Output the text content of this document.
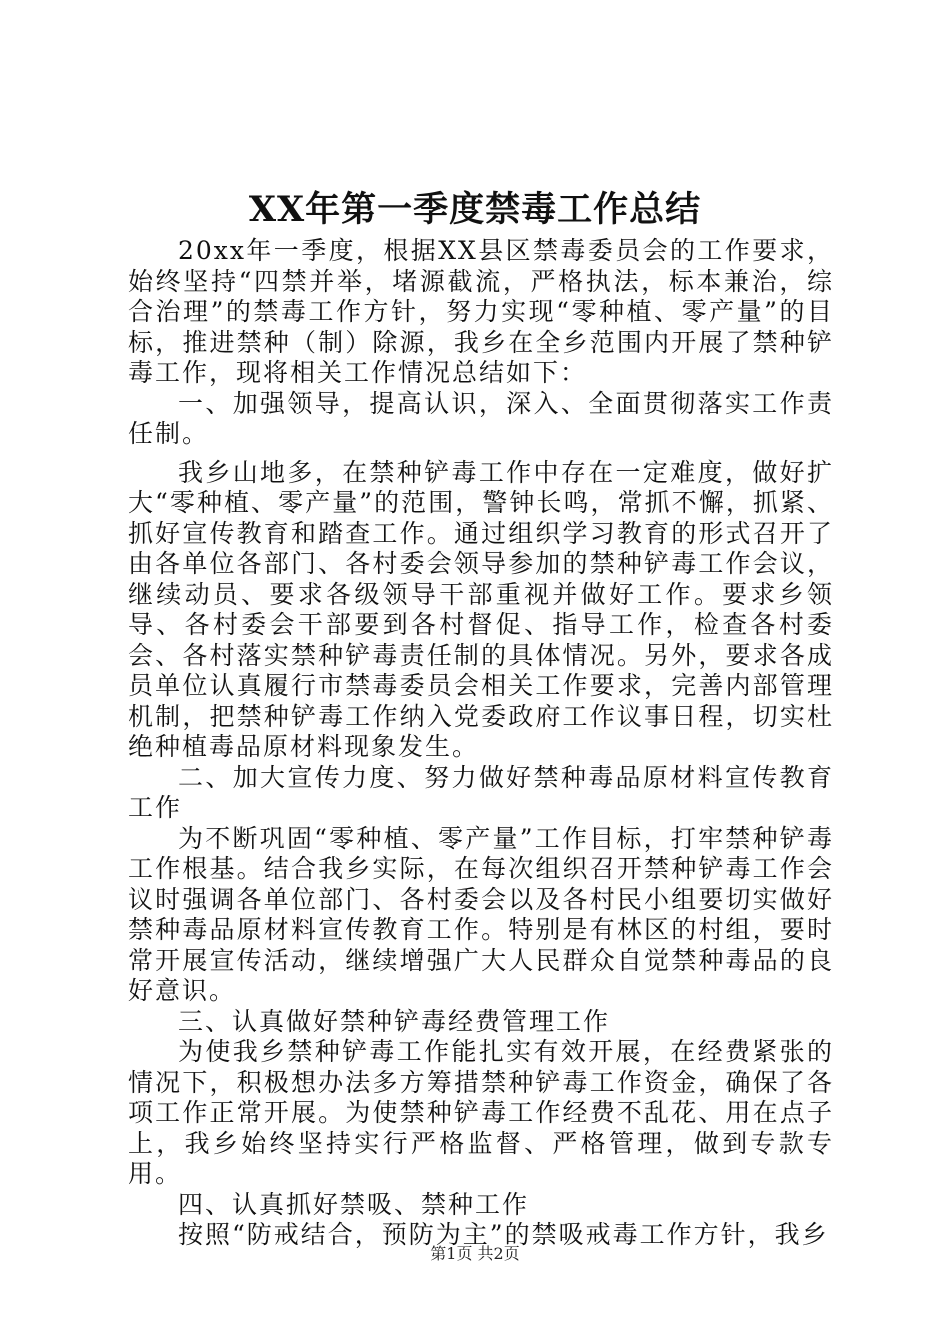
XX年第一季度禁毒工作总结

20xx年一季度，根据XX县区禁毒委员会的工作要求，始终坚持“四禁并举，堵源截流，严格执法，标本兼治，综合治理”的禁毒工作方针，努力实现“零种植、零产量”的目标，推进禁种（制）除源，我乡在全乡范围内开展了禁种铲毒工作，现将相关工作情况总结如下：

一、加强领导，提高认识，深入、全面贯彻落实工作责任制。

我乡山地多，在禁种铲毒工作中存在一定难度，做好扩大“零种植、零产量”的范围，警钟长鸣，常抓不懈，抓紧、抓好宣传教育和踏查工作。通过组织学习教育的形式召开了由各单位各部门、各村委会领导参加的禁种铲毒工作会议，继续动员、要求各级领导干部重视并做好工作。要求乡领导、各村委会干部要到各村督促、指导工作，检查各村委会、各村落实禁种铲毒责任制的具体情况。另外，要求各成员单位认真履行市禁毒委员会相关工作要求，完善内部管理机制，把禁种铲毒工作纳入党委政府工作议事日程，切实杜绝种植毒品原材料现象发生。

二、加大宣传力度、努力做好禁种毒品原材料宣传教育工作

为不断巩固“零种植、零产量”工作目标，打牢禁种铲毒工作根基。结合我乡实际，在每次组织召开禁种铲毒工作会议时强调各单位部门、各村委会以及各村民小组要切实做好禁种毒品原材料宣传教育工作。特别是有林区的村组，要时常开展宣传活动，继续增强广大人民群众自觉禁种毒品的良好意识。

三、认真做好禁种铲毒经费管理工作

为使我乡禁种铲毒工作能扎实有效开展，在经费紧张的情况下，积极想办法多方筹措禁种铲毒工作资金，确保了各项工作正常开展。为使禁种铲毒工作经费不乱花、用在点子上，我乡始终坚持实行严格监督、严格管理，做到专款专用。

四、认真抓好禁吸、禁种工作

按照“防戒结合，预防为主”的禁吸戒毒工作方针，我乡

第1页 共2页
